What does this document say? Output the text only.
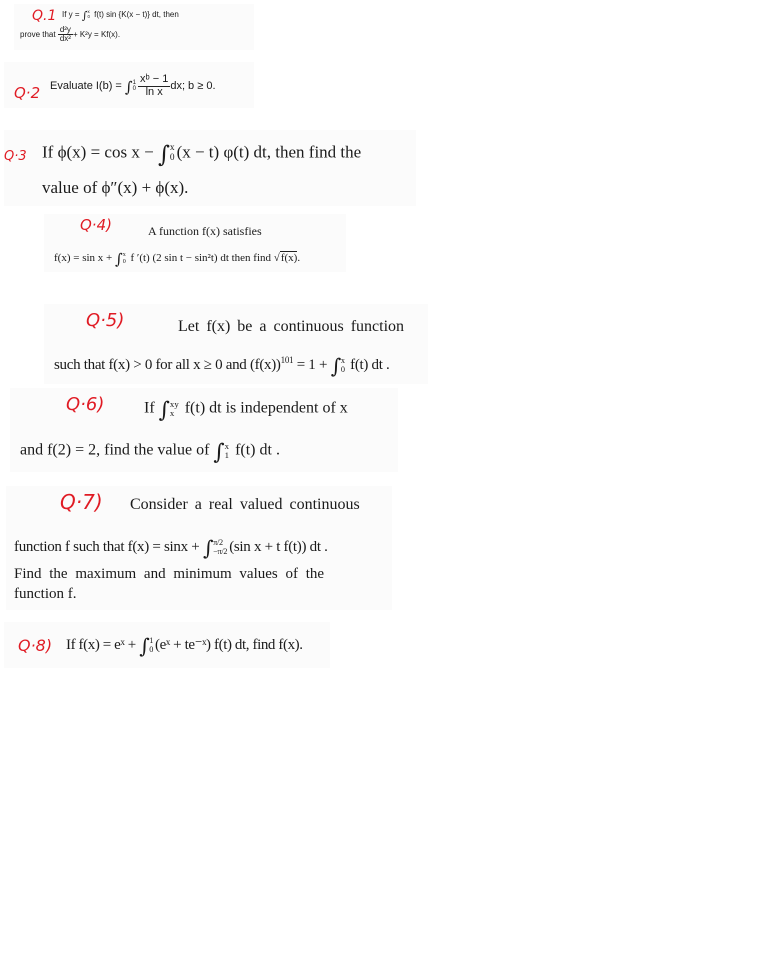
Q.1 If y = ∫ x
0 f(t) sin {K(x − t)} dt, then
prove that $\frac{\text{d²y}}{\text{dx²}} + K^2y = Kf(x)$.
Q·2 Evaluate I(b) = ∫ 1
$0 \frac{\text{xᵇ − 1}}{\text{ln x}}$ dx; b ≥ 0.
Q·3 If ϕ(x) = cos x − ∫ x
0 (x − t) φ(t) dt, then find the
value of ϕ″(x) + ϕ(x).
Q·4)	A function f(x) satisfies
f(x) = sin x + ∫ x
0 f ′(t) (2 sin t − sin²t) dt then find √f(x).
Q·5)	Let f(x) be a continuous function
such that f(x) > 0 for all x ≥ 0 and $(f(x))^{101} = 1$ + ∫ x
0 f(t) dt .
Q·6) If ∫ xy
x f(t) dt is independent of x
and f(2) = 2, find the value of ∫ x
1 f(t) dt .
Q·7) Consider a real valued continuous
function f such that f(x) = sinx + ∫ π/2
−π/2 (sin x + t f(t)) dt .
Find the maximum and minimum values of the
function f.
Q·8) If f(x) = eˣ + ∫ 1
0 (eˣ + te⁻ˣ) f(t) dt, find f(x).
